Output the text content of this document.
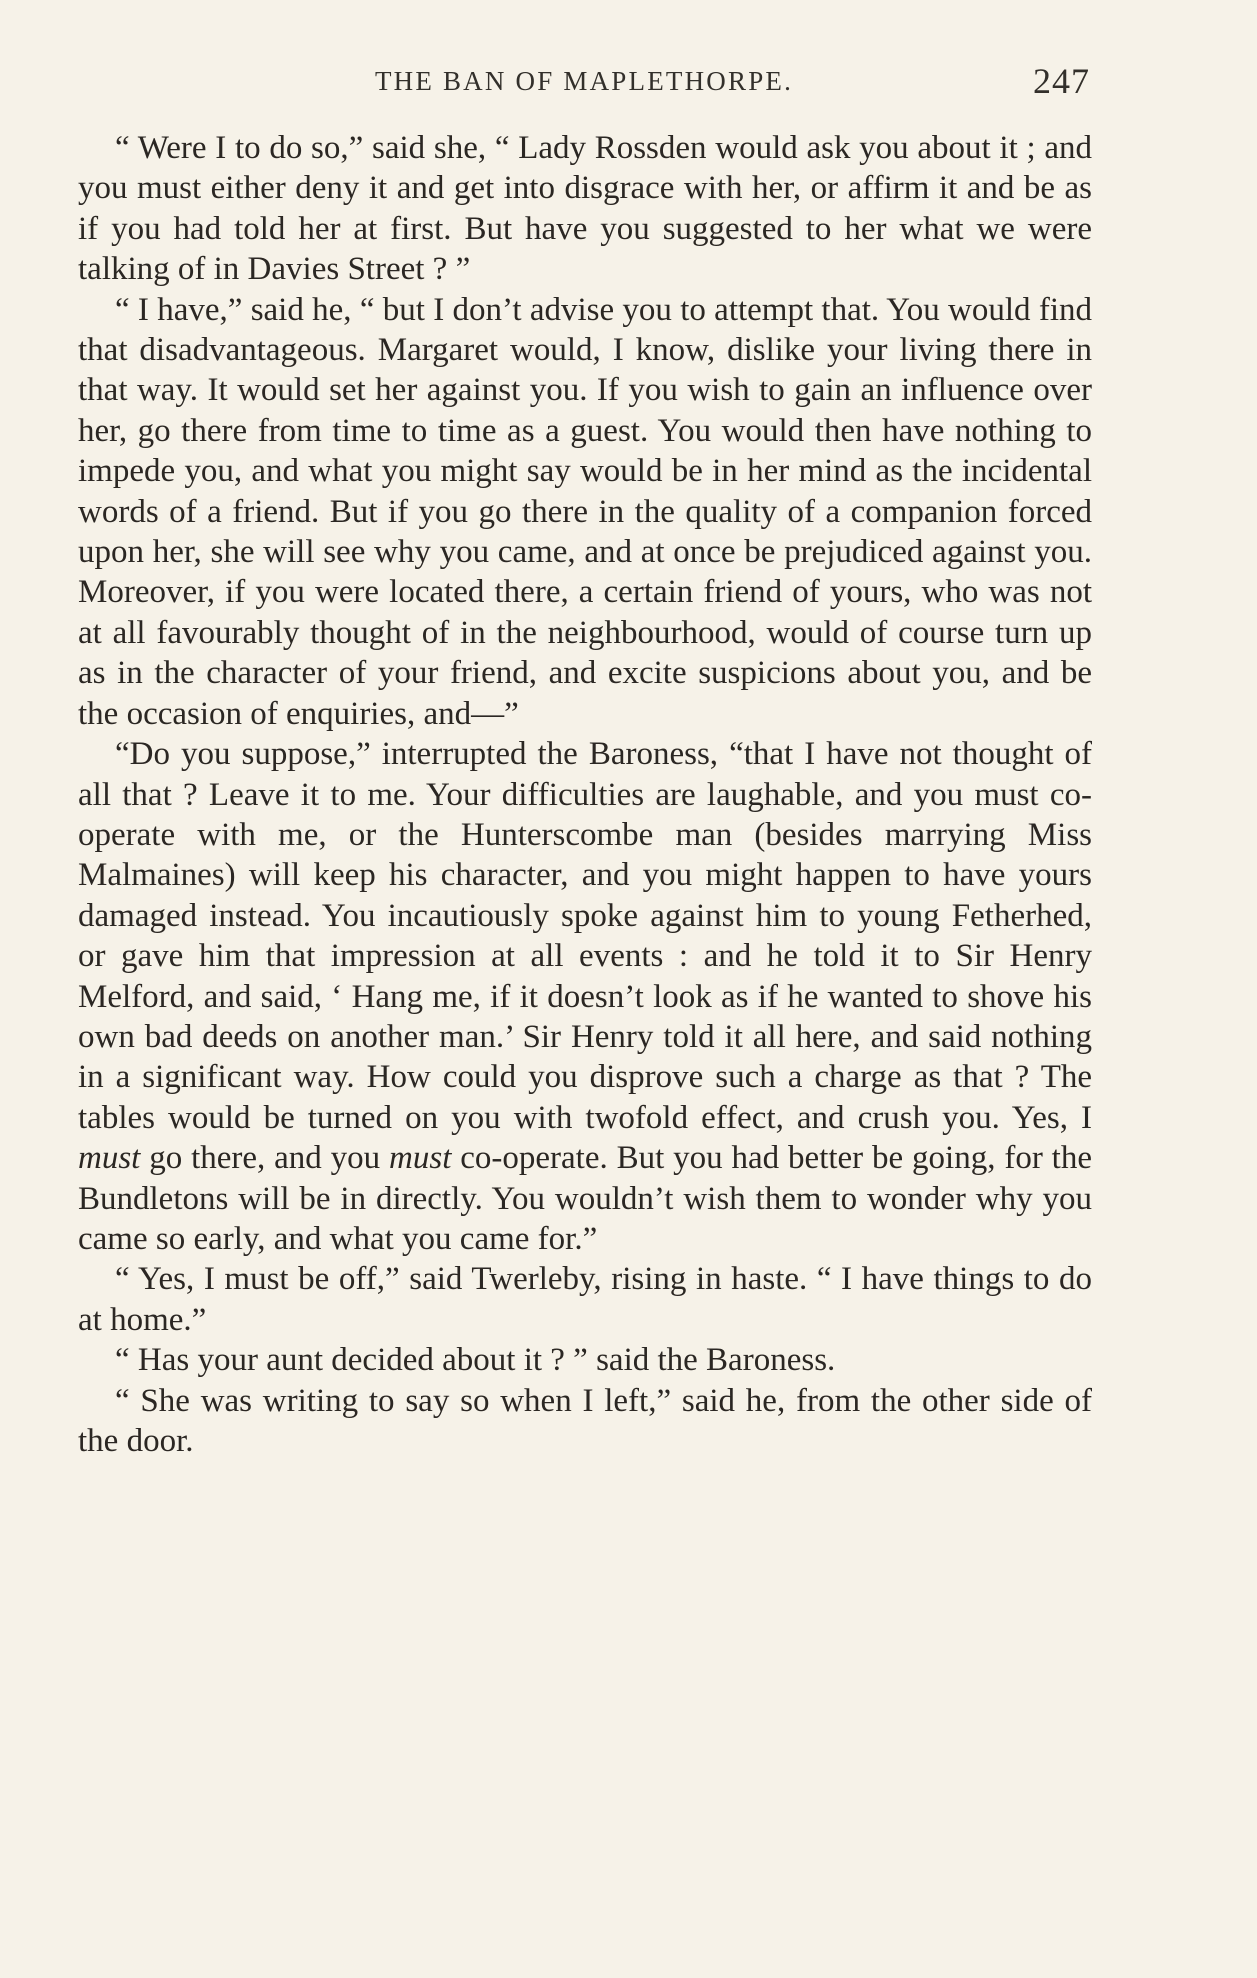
THE BAN OF MAPLETHORPE.	247

“ Were I to do so,” said she, “ Lady Rossden would ask you about it ; and you must either deny it and get into disgrace with her, or affirm it and be as if you had told her at first. But have you suggested to her what we were talking of in Davies Street ? ”

“ I have,” said he, “ but I don’t advise you to attempt that. You would find that disadvantageous. Margaret would, I know, dislike your living there in that way. It would set her against you. If you wish to gain an influence over her, go there from time to time as a guest. You would then have nothing to impede you, and what you might say would be in her mind as the incidental words of a friend. But if you go there in the quality of a companion forced upon her, she will see why you came, and at once be prejudiced against you. Moreover, if you were located there, a certain friend of yours, who was not at all favourably thought of in the neighbourhood, would of course turn up as in the character of your friend, and excite suspicions about you, and be the occasion of enquiries, and—”

“Do you suppose,” interrupted the Baroness, “that I have not thought of all that ? Leave it to me. Your difficulties are laughable, and you must co-operate with me, or the Hunterscombe man (besides marrying Miss Malmaines) will keep his character, and you might happen to have yours damaged instead. You incautiously spoke against him to young Fetherhed, or gave him that impression at all events : and he told it to Sir Henry Melford, and said, ‘ Hang me, if it doesn’t look as if he wanted to shove his own bad deeds on another man.’ Sir Henry told it all here, and said nothing in a significant way. How could you disprove such a charge as that ? The tables would be turned on you with twofold effect, and crush you. Yes, I must go there, and you must co-operate. But you had better be going, for the Bundletons will be in directly. You wouldn’t wish them to wonder why you came so early, and what you came for.”

“ Yes, I must be off,” said Twerleby, rising in haste. “ I have things to do at home.”

“ Has your aunt decided about it ? ” said the Baroness.

“ She was writing to say so when I left,” said he, from the other side of the door.
